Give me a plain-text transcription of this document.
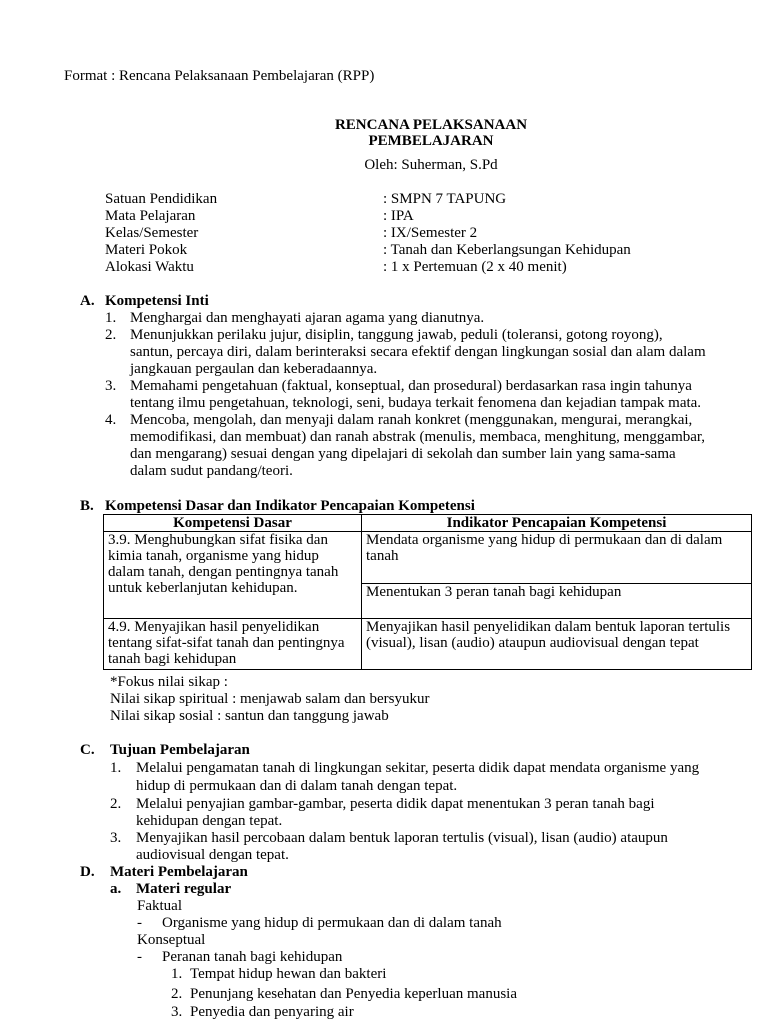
Format : Rencana Pelaksanaan Pembelajaran (RPP)
RENCANA PELAKSANAAN
PEMBELAJARAN
Oleh: Suherman, S.Pd
Satuan Pendidikan	: SMPN 7 TAPUNG
Mata Pelajaran	: IPA
Kelas/Semester	: IX/Semester 2
Materi Pokok	: Tanah dan Keberlangsungan Kehidupan
Alokasi Waktu	: 1 x Pertemuan (2 x 40 menit)
A. Kompetensi Inti
1. Menghargai dan menghayati ajaran agama yang dianutnya.
2. Menunjukkan perilaku jujur, disiplin, tanggung jawab, peduli (toleransi, gotong royong),
santun, percaya diri, dalam berinteraksi secara efektif dengan lingkungan sosial dan alam dalam
jangkauan pergaulan dan keberadaannya.
3. Memahami pengetahuan (faktual, konseptual, dan prosedural) berdasarkan rasa ingin tahunya
tentang ilmu pengetahuan, teknologi, seni, budaya terkait fenomena dan kejadian tampak mata.
4. Mencoba, mengolah, dan menyaji dalam ranah konkret (menggunakan, mengurai, merangkai,
memodifikasi, dan membuat) dan ranah abstrak (menulis, membaca, menghitung, menggambar,
dan mengarang) sesuai dengan yang dipelajari di sekolah dan sumber lain yang sama-sama
dalam sudut pandang/teori.
B. Kompetensi Dasar dan Indikator Pencapaian Kompetensi
Kompetensi Dasar	Indikator Pencapaian Kompetensi
3.9. Menghubungkan sifat fisika dan kimia tanah, organisme yang hidup dalam tanah, dengan pentingnya tanah untuk keberlanjutan kehidupan.	Mendata organisme yang hidup di permukaan dan di dalam tanah
	Menentukan 3 peran tanah bagi kehidupan
4.9. Menyajikan hasil penyelidikan tentang sifat-sifat tanah dan pentingnya tanah bagi kehidupan	Menyajikan hasil penyelidikan dalam bentuk laporan tertulis (visual), lisan (audio) ataupun audiovisual dengan tepat
*Fokus nilai sikap :
Nilai sikap spiritual : menjawab salam dan bersyukur
Nilai sikap sosial : santun dan tanggung jawab
C. Tujuan Pembelajaran
1. Melalui pengamatan tanah di lingkungan sekitar, peserta didik dapat mendata organisme yang
hidup di permukaan dan di dalam tanah dengan tepat.
2. Melalui penyajian gambar-gambar, peserta didik dapat menentukan 3 peran tanah bagi
kehidupan dengan tepat.
3. Menyajikan hasil percobaan dalam bentuk laporan tertulis (visual), lisan (audio) ataupun
audiovisual dengan tepat.
D. Materi Pembelajaran
a. Materi regular
Faktual
- Organisme yang hidup di permukaan dan di dalam tanah
Konseptual
- Peranan tanah bagi kehidupan
1. Tempat hidup hewan dan bakteri
2. Penunjang kesehatan dan Penyedia keperluan manusia
3. Penyedia dan penyaring air
